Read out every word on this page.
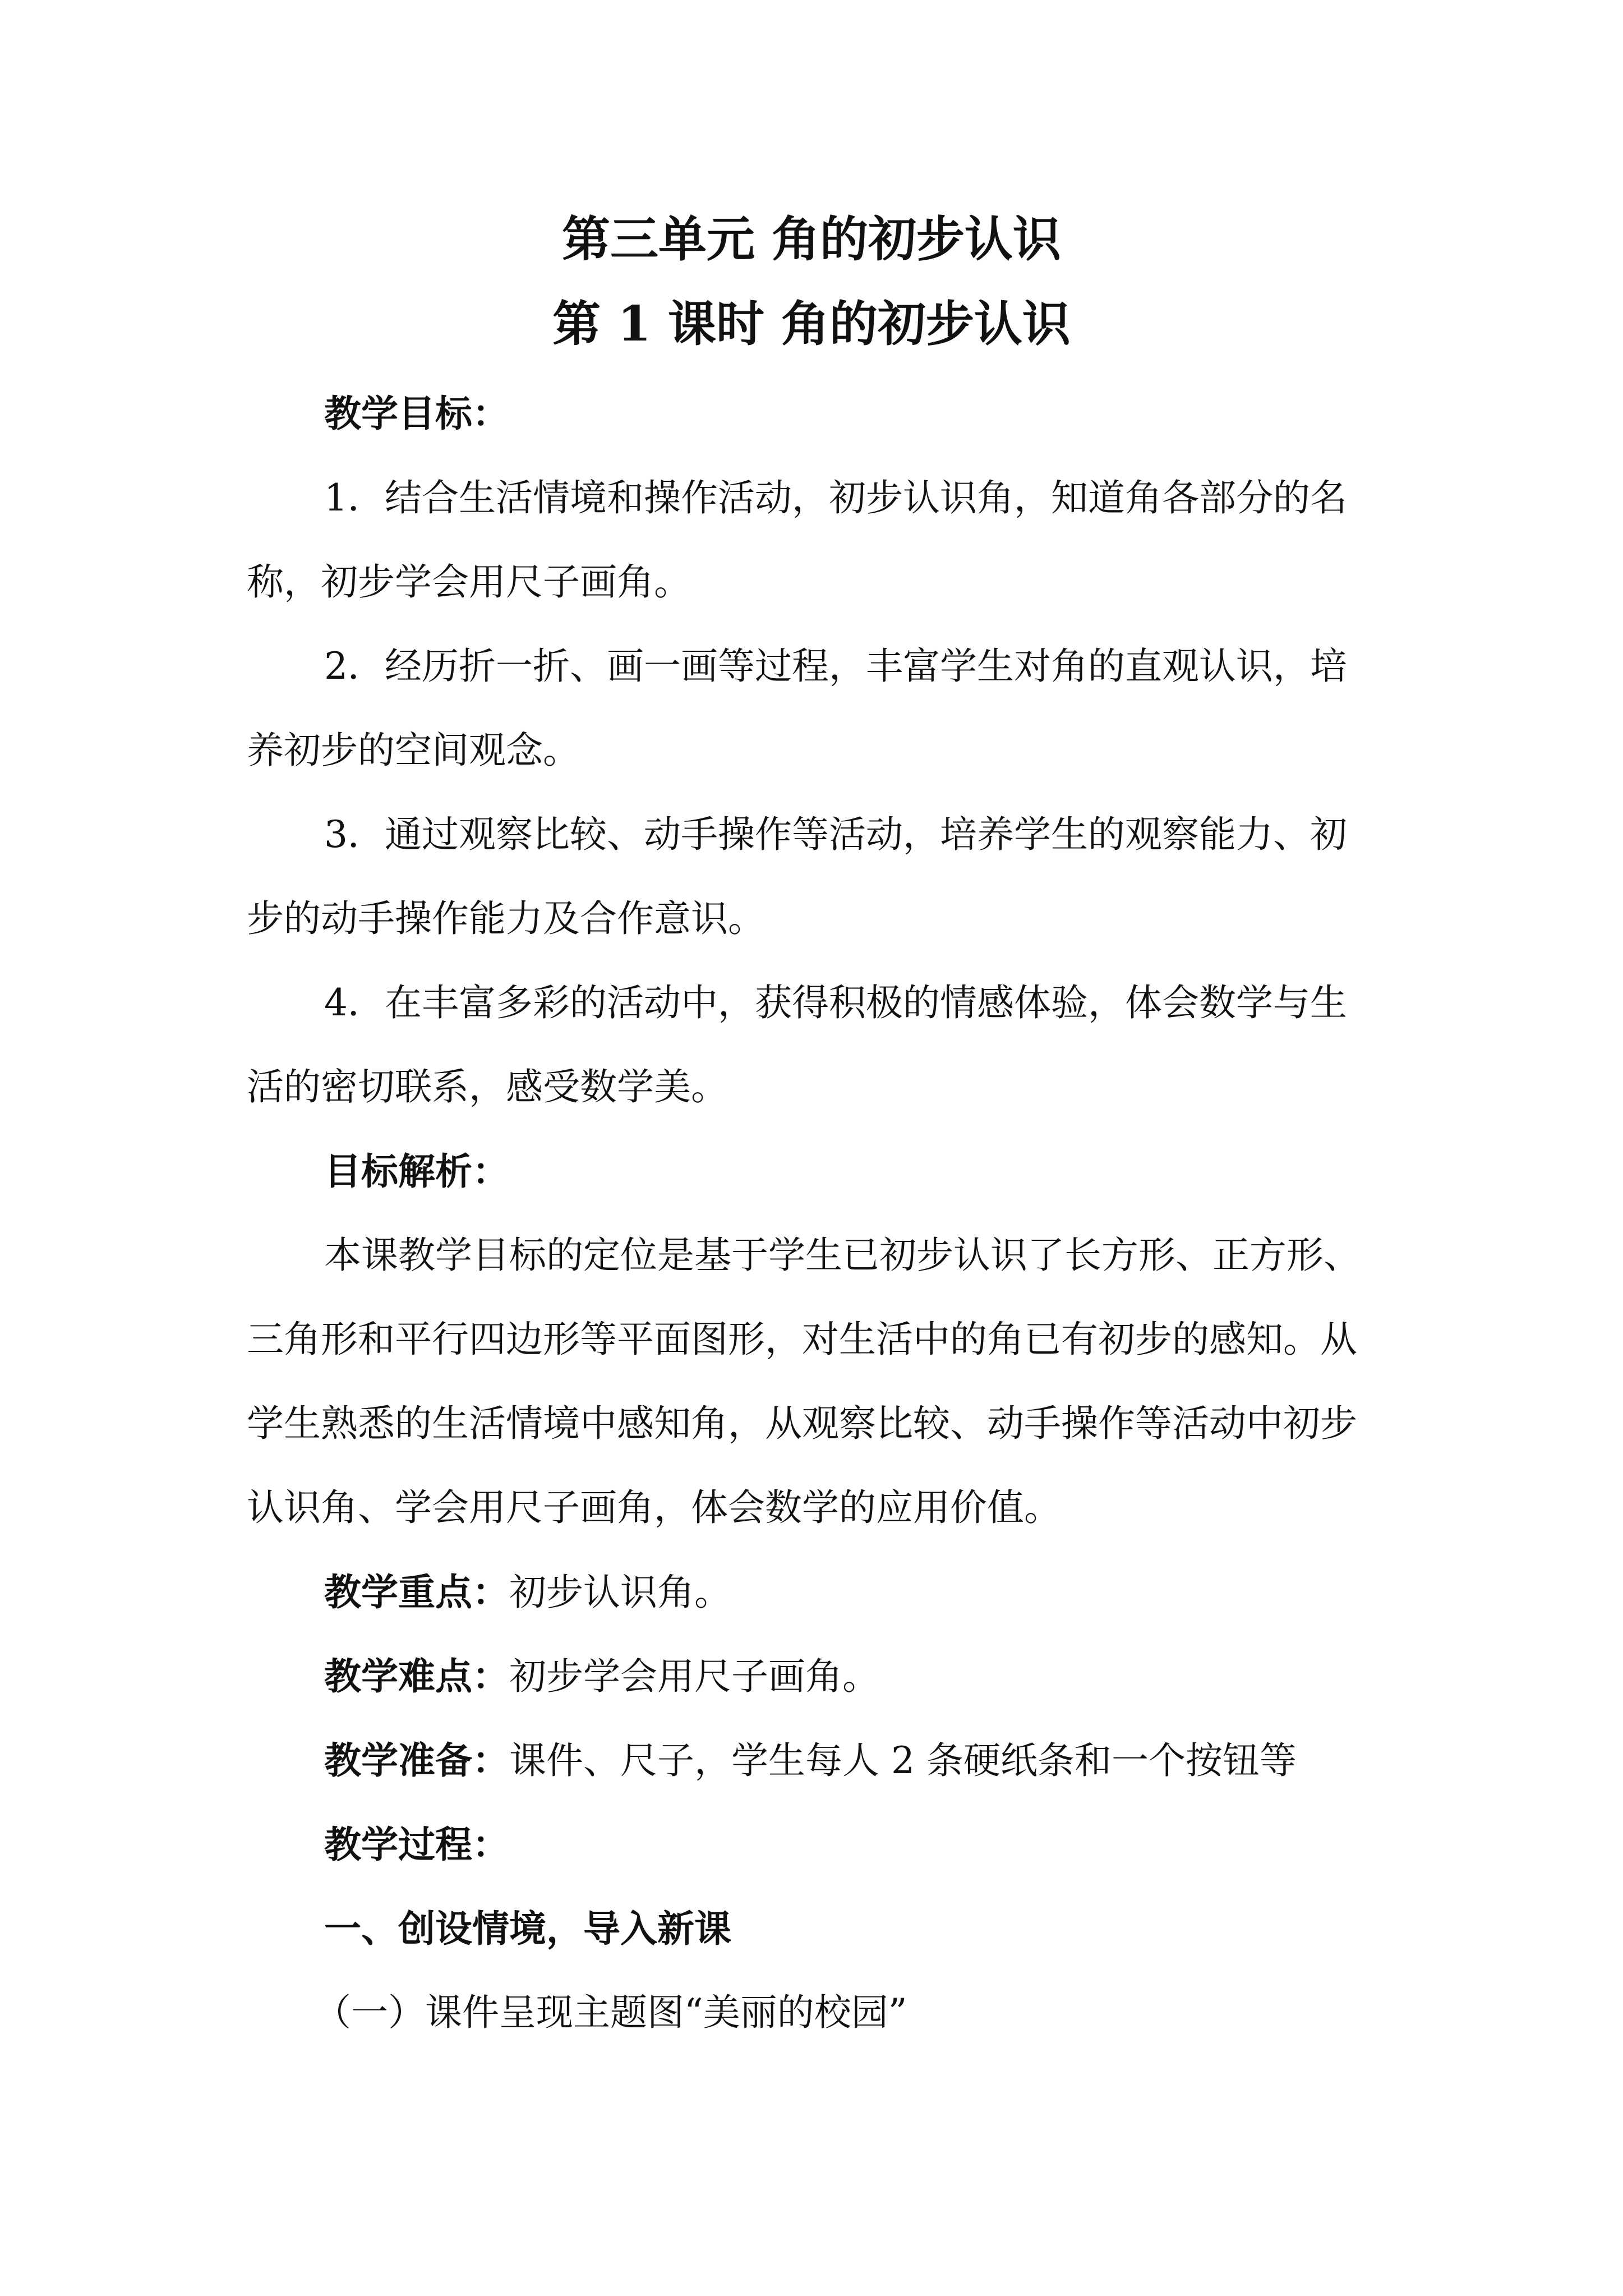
第三单元 角的初步认识
第 1 课时 角的初步认识
教学目标：
1．结合生活情境和操作活动，初步认识角，知道角各部分的名
称，初步学会用尺子画角。
2．经历折一折、画一画等过程，丰富学生对角的直观认识，培
养初步的空间观念。
3．通过观察比较、动手操作等活动，培养学生的观察能力、初
步的动手操作能力及合作意识。
4．在丰富多彩的活动中，获得积极的情感体验，体会数学与生
活的密切联系，感受数学美。
目标解析：
本课教学目标的定位是基于学生已初步认识了长方形、正方形、
三角形和平行四边形等平面图形，对生活中的角已有初步的感知。从
学生熟悉的生活情境中感知角，从观察比较、动手操作等活动中初步
认识角、学会用尺子画角，体会数学的应用价值。
教学重点：初步认识角。
教学难点：初步学会用尺子画角。
教学准备：课件、尺子，学生每人 2 条硬纸条和一个按钮等
教学过程：
一、创设情境，导入新课
（一）课件呈现主题图“美丽的校园”
